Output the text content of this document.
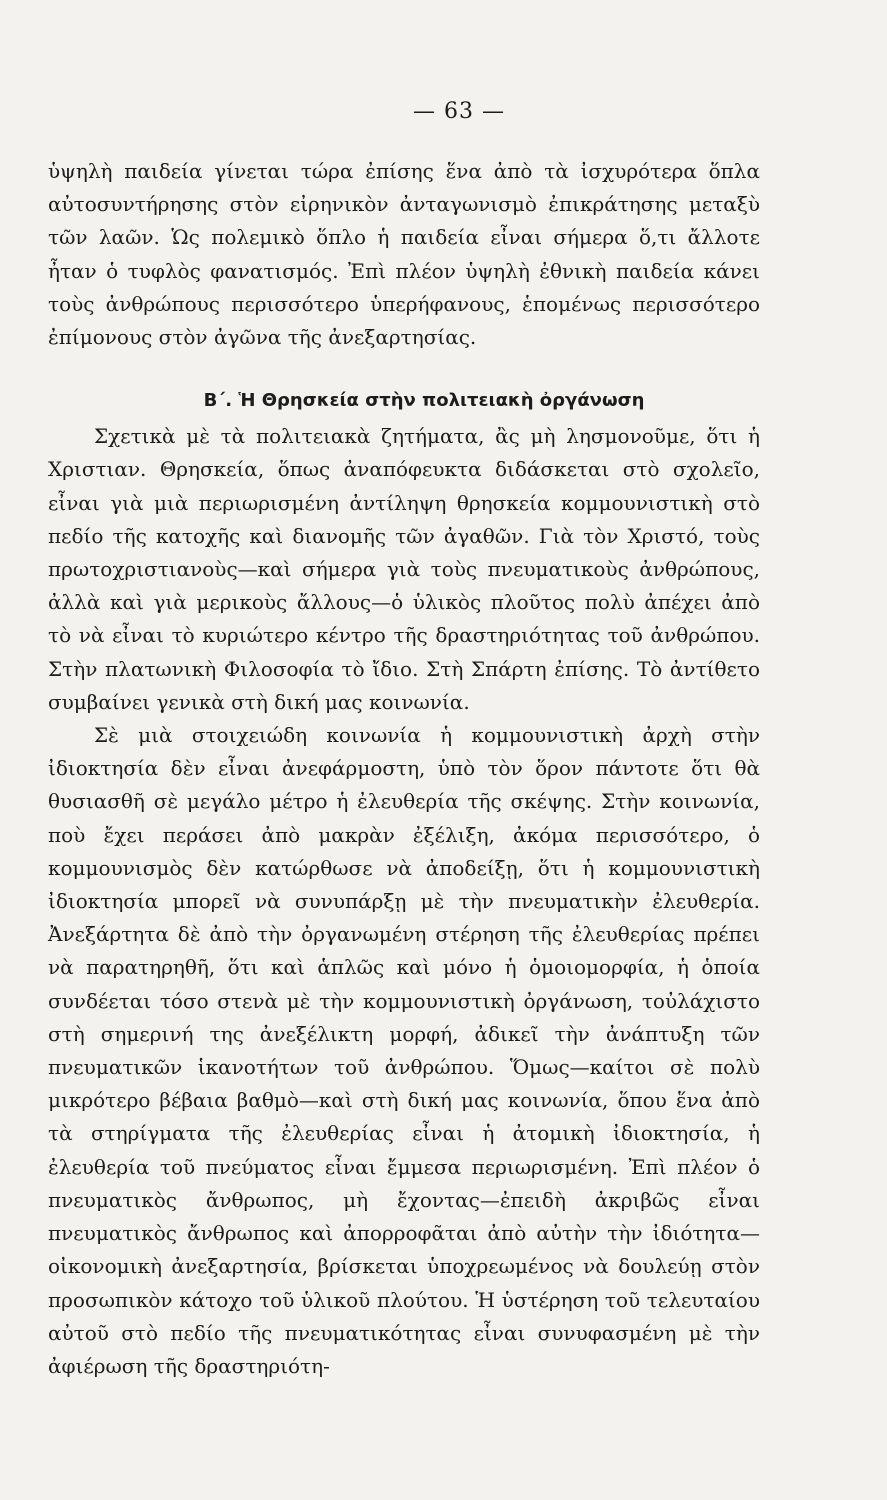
— 63 —

ὑψηλὴ παιδεία γίνεται τώρα ἐπίσης ἕνα ἀπὸ τὰ ἰσχυρότερα ὅπλα αὐτοσυντήρησης στὸν εἰρηνικὸν ἀνταγωνισμὸ ἐπικράτησης μεταξὺ τῶν λαῶν. Ὡς πολεμικὸ ὅπλο ἡ παιδεία εἶναι σήμερα ὅ,τι ἄλλοτε ἦταν ὁ τυφλὸς φανατισμός. Ἐπὶ πλέον ὑψηλὴ ἐθνικὴ παιδεία κάνει τοὺς ἀνθρώπους περισσότερο ὑπερήφανους, ἑπομένως περισσότερο ἐπίμονους στὸν ἀγῶνα τῆς ἀνεξαρτησίας.

Β΄. Ἡ Θρησκεία στὴν πολιτειακὴ ὀργάνωση

Σχετικὰ μὲ τὰ πολιτειακὰ ζητήματα, ἂς μὴ λησμονοῦμε, ὅτι ἡ Χριστιαν. Θρησκεία, ὅπως ἀναπόφευκτα διδάσκεται στὸ σχολεῖο, εἶναι γιὰ μιὰ περιωρισμένη ἀντίληψη θρησκεία κομμουνιστικὴ στὸ πεδίο τῆς κατοχῆς καὶ διανομῆς τῶν ἀγαθῶν. Γιὰ τὸν Χριστό, τοὺς πρωτοχριστιανοὺς—καὶ σήμερα γιὰ τοὺς πνευματικοὺς ἀνθρώπους, ἀλλὰ καὶ γιὰ μερικοὺς ἄλλους—ὁ ὑλικὸς πλοῦτος πολὺ ἀπέχει ἀπὸ τὸ νὰ εἶναι τὸ κυριώτερο κέντρο τῆς δραστηριότητας τοῦ ἀνθρώπου. Στὴν πλατωνικὴ Φιλοσοφία τὸ ἴδιο. Στὴ Σπάρτη ἐπίσης. Τὸ ἀντίθετο συμβαίνει γενικὰ στὴ δική μας κοινωνία.

Σὲ μιὰ στοιχειώδη κοινωνία ἡ κομμουνιστικὴ ἀρχὴ στὴν ἰδιοκτησία δὲν εἶναι ἀνεφάρμοστη, ὑπὸ τὸν ὅρον πάντοτε ὅτι θὰ θυσιασθῆ σὲ μεγάλο μέτρο ἡ ἐλευθερία τῆς σκέψης. Στὴν κοινωνία, ποὺ ἔχει περάσει ἀπὸ μακρὰν ἐξέλιξη, ἀκόμα περισσότερο, ὁ κομμουνισμὸς δὲν κατώρθωσε νὰ ἀποδείξῃ, ὅτι ἡ κομμουνιστικὴ ἰδιοκτησία μπορεῖ νὰ συνυπάρξῃ μὲ τὴν πνευματικὴν ἐλευθερία. Ἀνεξάρτητα δὲ ἀπὸ τὴν ὀργανωμένη στέρηση τῆς ἐλευθερίας πρέπει νὰ παρατηρηθῆ, ὅτι καὶ ἁπλῶς καὶ μόνο ἡ ὁμοιομορφία, ἡ ὁποία συνδέεται τόσο στενὰ μὲ τὴν κομμουνιστικὴ ὀργάνωση, τοὐλάχιστο στὴ σημερινή της ἀνεξέλικτη μορφή, ἀδικεῖ τὴν ἀνάπτυξη τῶν πνευματικῶν ἱκανοτήτων τοῦ ἀνθρώπου. Ὅμως—καίτοι σὲ πολὺ μικρότερο βέβαια βαθμὸ—καὶ στὴ δική μας κοινωνία, ὅπου ἕνα ἀπὸ τὰ στηρίγματα τῆς ἐλευθερίας εἶναι ἡ ἀτομικὴ ἰδιοκτησία, ἡ ἐλευθερία τοῦ πνεύματος εἶναι ἔμμεσα περιωρισμένη. Ἐπὶ πλέον ὁ πνευματικὸς ἄνθρωπος, μὴ ἔχοντας—ἐπειδὴ ἀκριβῶς εἶναι πνευματικὸς ἄνθρωπος καὶ ἀπορροφᾶται ἀπὸ αὐτὴν τὴν ἰδιότητα—οἰκονομικὴ ἀνεξαρτησία, βρίσκεται ὑποχρεωμένος νὰ δουλεύῃ στὸν προσωπικὸν κάτοχο τοῦ ὑλικοῦ πλούτου. Ἡ ὑστέρηση τοῦ τελευταίου αὐτοῦ στὸ πεδίο τῆς πνευματικότητας εἶναι συνυφασμένη μὲ τὴν ἀφιέρωση τῆς δραστηριότη-
